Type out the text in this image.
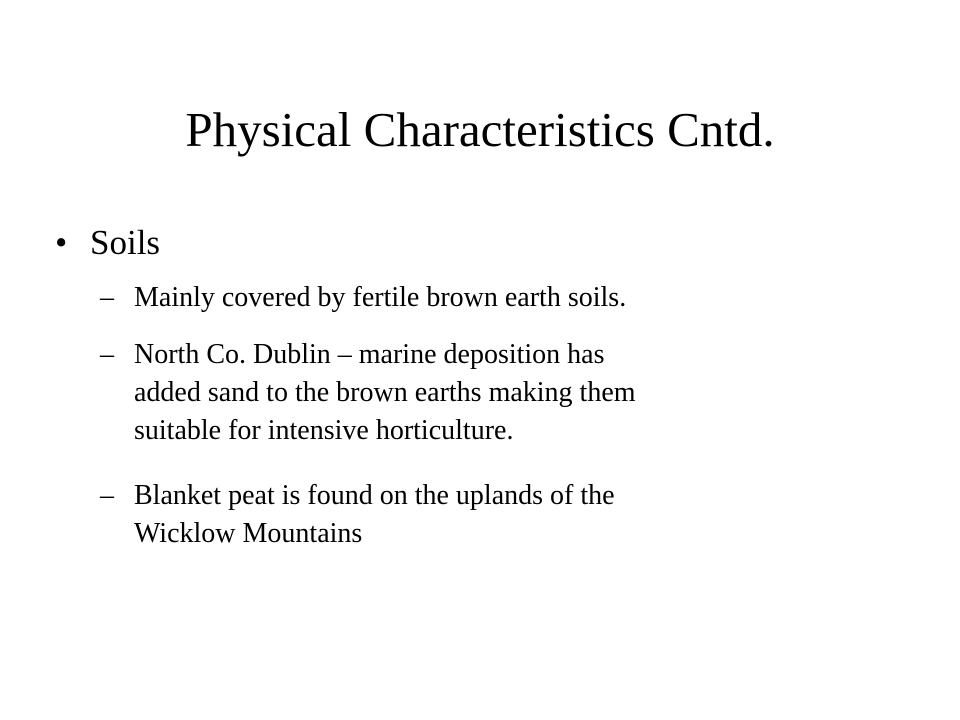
Physical Characteristics Cntd.
• Soils
– Mainly covered by fertile brown earth soils.
– North Co. Dublin – marine deposition has
added sand to the brown earths making them
suitable for intensive horticulture.
– Blanket peat is found on the uplands of the
Wicklow Mountains
